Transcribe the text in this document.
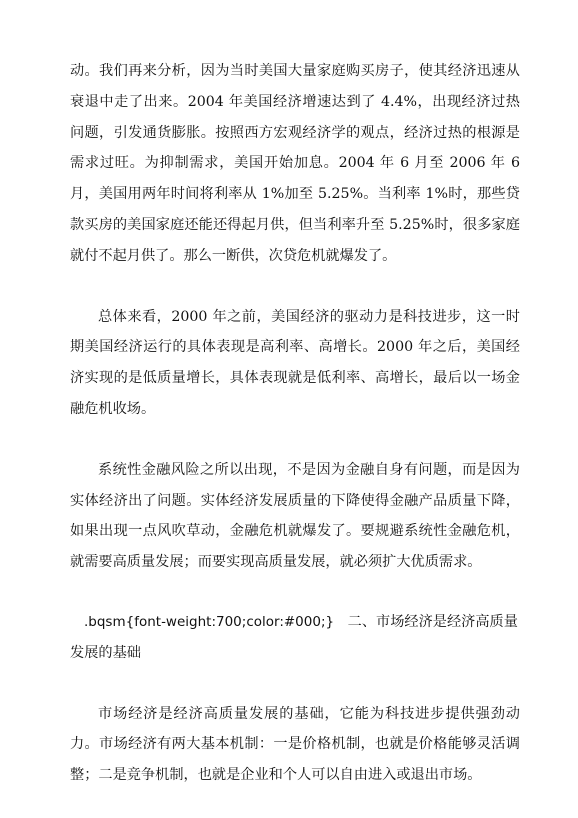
动。我们再来分析，因为当时美国大量家庭购买房子，使其经济迅速从衰退中走了出来。2004 年美国经济增速达到了 4.4%，出现经济过热问题，引发通货膨胀。按照西方宏观经济学的观点，经济过热的根源是需求过旺。为抑制需求，美国开始加息。2004 年 6 月至 2006 年 6 月，美国用两年时间将利率从 1%加至 5.25%。当利率 1%时，那些贷款买房的美国家庭还能还得起月供，但当利率升至 5.25%时，很多家庭就付不起月供了。那么一断供，次贷危机就爆发了。

总体来看，2000 年之前，美国经济的驱动力是科技进步，这一时期美国经济运行的具体表现是高利率、高增长。2000 年之后，美国经济实现的是低质量增长，具体表现就是低利率、高增长，最后以一场金融危机收场。

系统性金融风险之所以出现，不是因为金融自身有问题，而是因为实体经济出了问题。实体经济发展质量的下降使得金融产品质量下降，如果出现一点风吹草动，金融危机就爆发了。要规避系统性金融危机，就需要高质量发展；而要实现高质量发展，就必须扩大优质需求。

.bqsm{font-weight:700;color:#000;} 二、市场经济是经济高质量发展的基础

市场经济是经济高质量发展的基础，它能为科技进步提供强劲动力。市场经济有两大基本机制：一是价格机制，也就是价格能够灵活调整；二是竞争机制，也就是企业和个人可以自由进入或退出市场。
